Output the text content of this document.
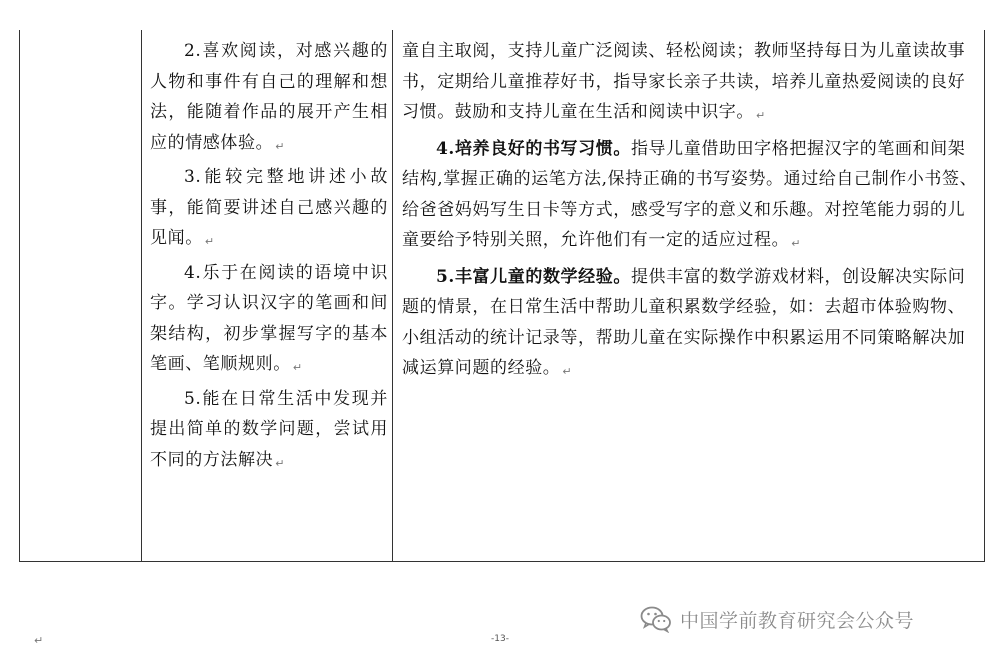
2.喜欢阅读，对感兴趣的人物和事件有自己的理解和想法，能随着作品的展开产生相应的情感体验。 ↵

3.能较完整地讲述小故事，能简要讲述自己感兴趣的见闻。 ↵

4.乐于在阅读的语境中识字。学习认识汉字的笔画和间架结构，初步掌握写字的基本笔画、笔顺规则。 ↵

5.能在日常生活中发现并提出简单的数学问题，尝试用不同的方法解决 ↵

童自主取阅，支持儿童广泛阅读、轻松阅读；教师坚持每日为儿童读故事书，定期给儿童推荐好书，指导家长亲子共读，培养儿童热爱阅读的良好习惯。鼓励和支持儿童在生活和阅读中识字。 ↵

4.培养良好的书写习惯。指导儿童借助田字格把握汉字的笔画和间架结构,掌握正确的运笔方法,保持正确的书写姿势。通过给自己制作小书签、给爸爸妈妈写生日卡等方式，感受写字的意义和乐趣。对控笔能力弱的儿童要给予特别关照，允许他们有一定的适应过程。 ↵

5.丰富儿童的数学经验。提供丰富的数学游戏材料，创设解决实际问题的情景，在日常生活中帮助儿童积累数学经验，如：去超市体验购物、小组活动的统计记录等，帮助儿童在实际操作中积累运用不同策略解决加减运算问题的经验。 ↵

中国学前教育研究会公众号
↵	-13-
